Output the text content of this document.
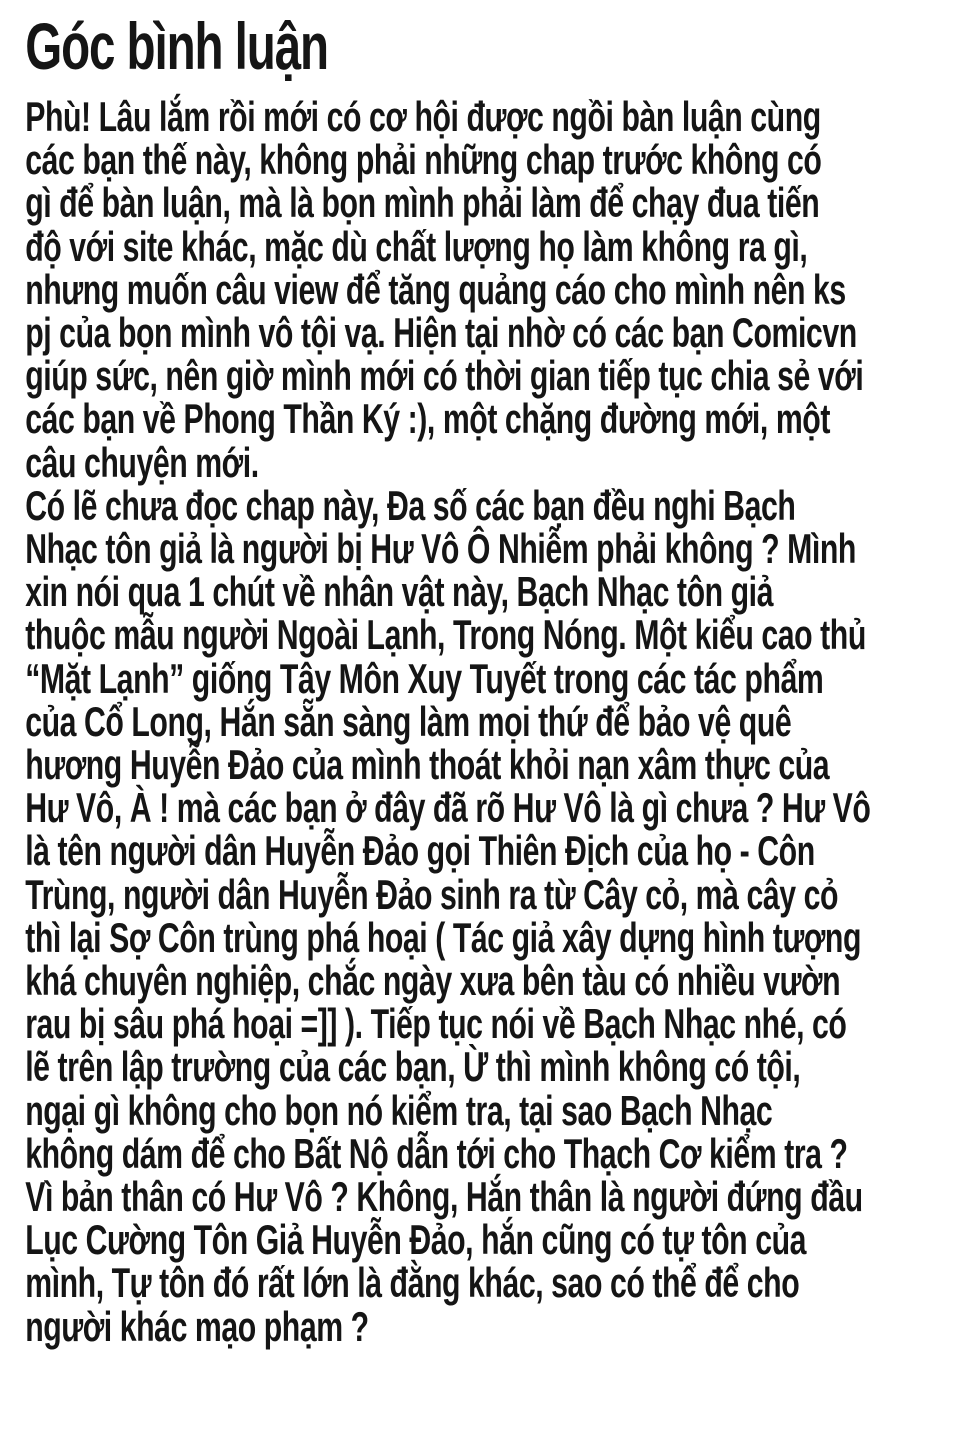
Góc bình luận
Phù! Lâu lắm rồi mới có cơ hội được ngồi bàn luận cùng
các bạn thế này, không phải những chap trước không có
gì để bàn luận, mà là bọn mình phải làm để chạy đua tiến
độ với site khác, mặc dù chất lượng họ làm không ra gì,
nhưng muốn câu view để tăng quảng cáo cho mình nên ks
pj của bọn mình vô tội vạ. Hiện tại nhờ có các bạn Comicvn
giúp sức, nên giờ mình mới có thời gian tiếp tục chia sẻ với
các bạn về Phong Thần Ký :), một chặng đường mới, một
câu chuyện mới.
Có lẽ chưa đọc chap này, Đa số các bạn đều nghi Bạch
Nhạc tôn giả là người bị Hư Vô Ô Nhiễm phải không ? Mình
xin nói qua 1 chút về nhân vật này, Bạch Nhạc tôn giả
thuộc mẫu người Ngoài Lạnh, Trong Nóng. Một kiểu cao thủ
“Mặt Lạnh” giống Tây Môn Xuy Tuyết trong các tác phẩm
của Cổ Long, Hắn sẵn sàng làm mọi thứ để bảo vệ quê
hương Huyễn Đảo của mình thoát khỏi nạn xâm thực của
Hư Vô, À ! mà các bạn ở đây đã rõ Hư Vô là gì chưa ? Hư Vô
là tên người dân Huyễn Đảo gọi Thiên Địch của họ - Côn
Trùng, người dân Huyễn Đảo sinh ra từ Cây cỏ, mà cây cỏ
thì lại Sợ Côn trùng phá hoại ( Tác giả xây dựng hình tượng
khá chuyên nghiệp, chắc ngày xưa bên tàu có nhiều vườn
rau bị sâu phá hoại =]] ). Tiếp tục nói về Bạch Nhạc nhé, có
lẽ trên lập trường của các bạn, Ừ thì mình không có tội,
ngại gì không cho bọn nó kiểm tra, tại sao Bạch Nhạc
không dám để cho Bất Nộ dẫn tới cho Thạch Cơ kiểm tra ?
Vì bản thân có Hư Vô ? Không, Hắn thân là người đứng đầu
Lục Cường Tôn Giả Huyễn Đảo, hắn cũng có tự tôn của
mình, Tự tôn đó rất lớn là đằng khác, sao có thể để cho
người khác mạo phạm ?
